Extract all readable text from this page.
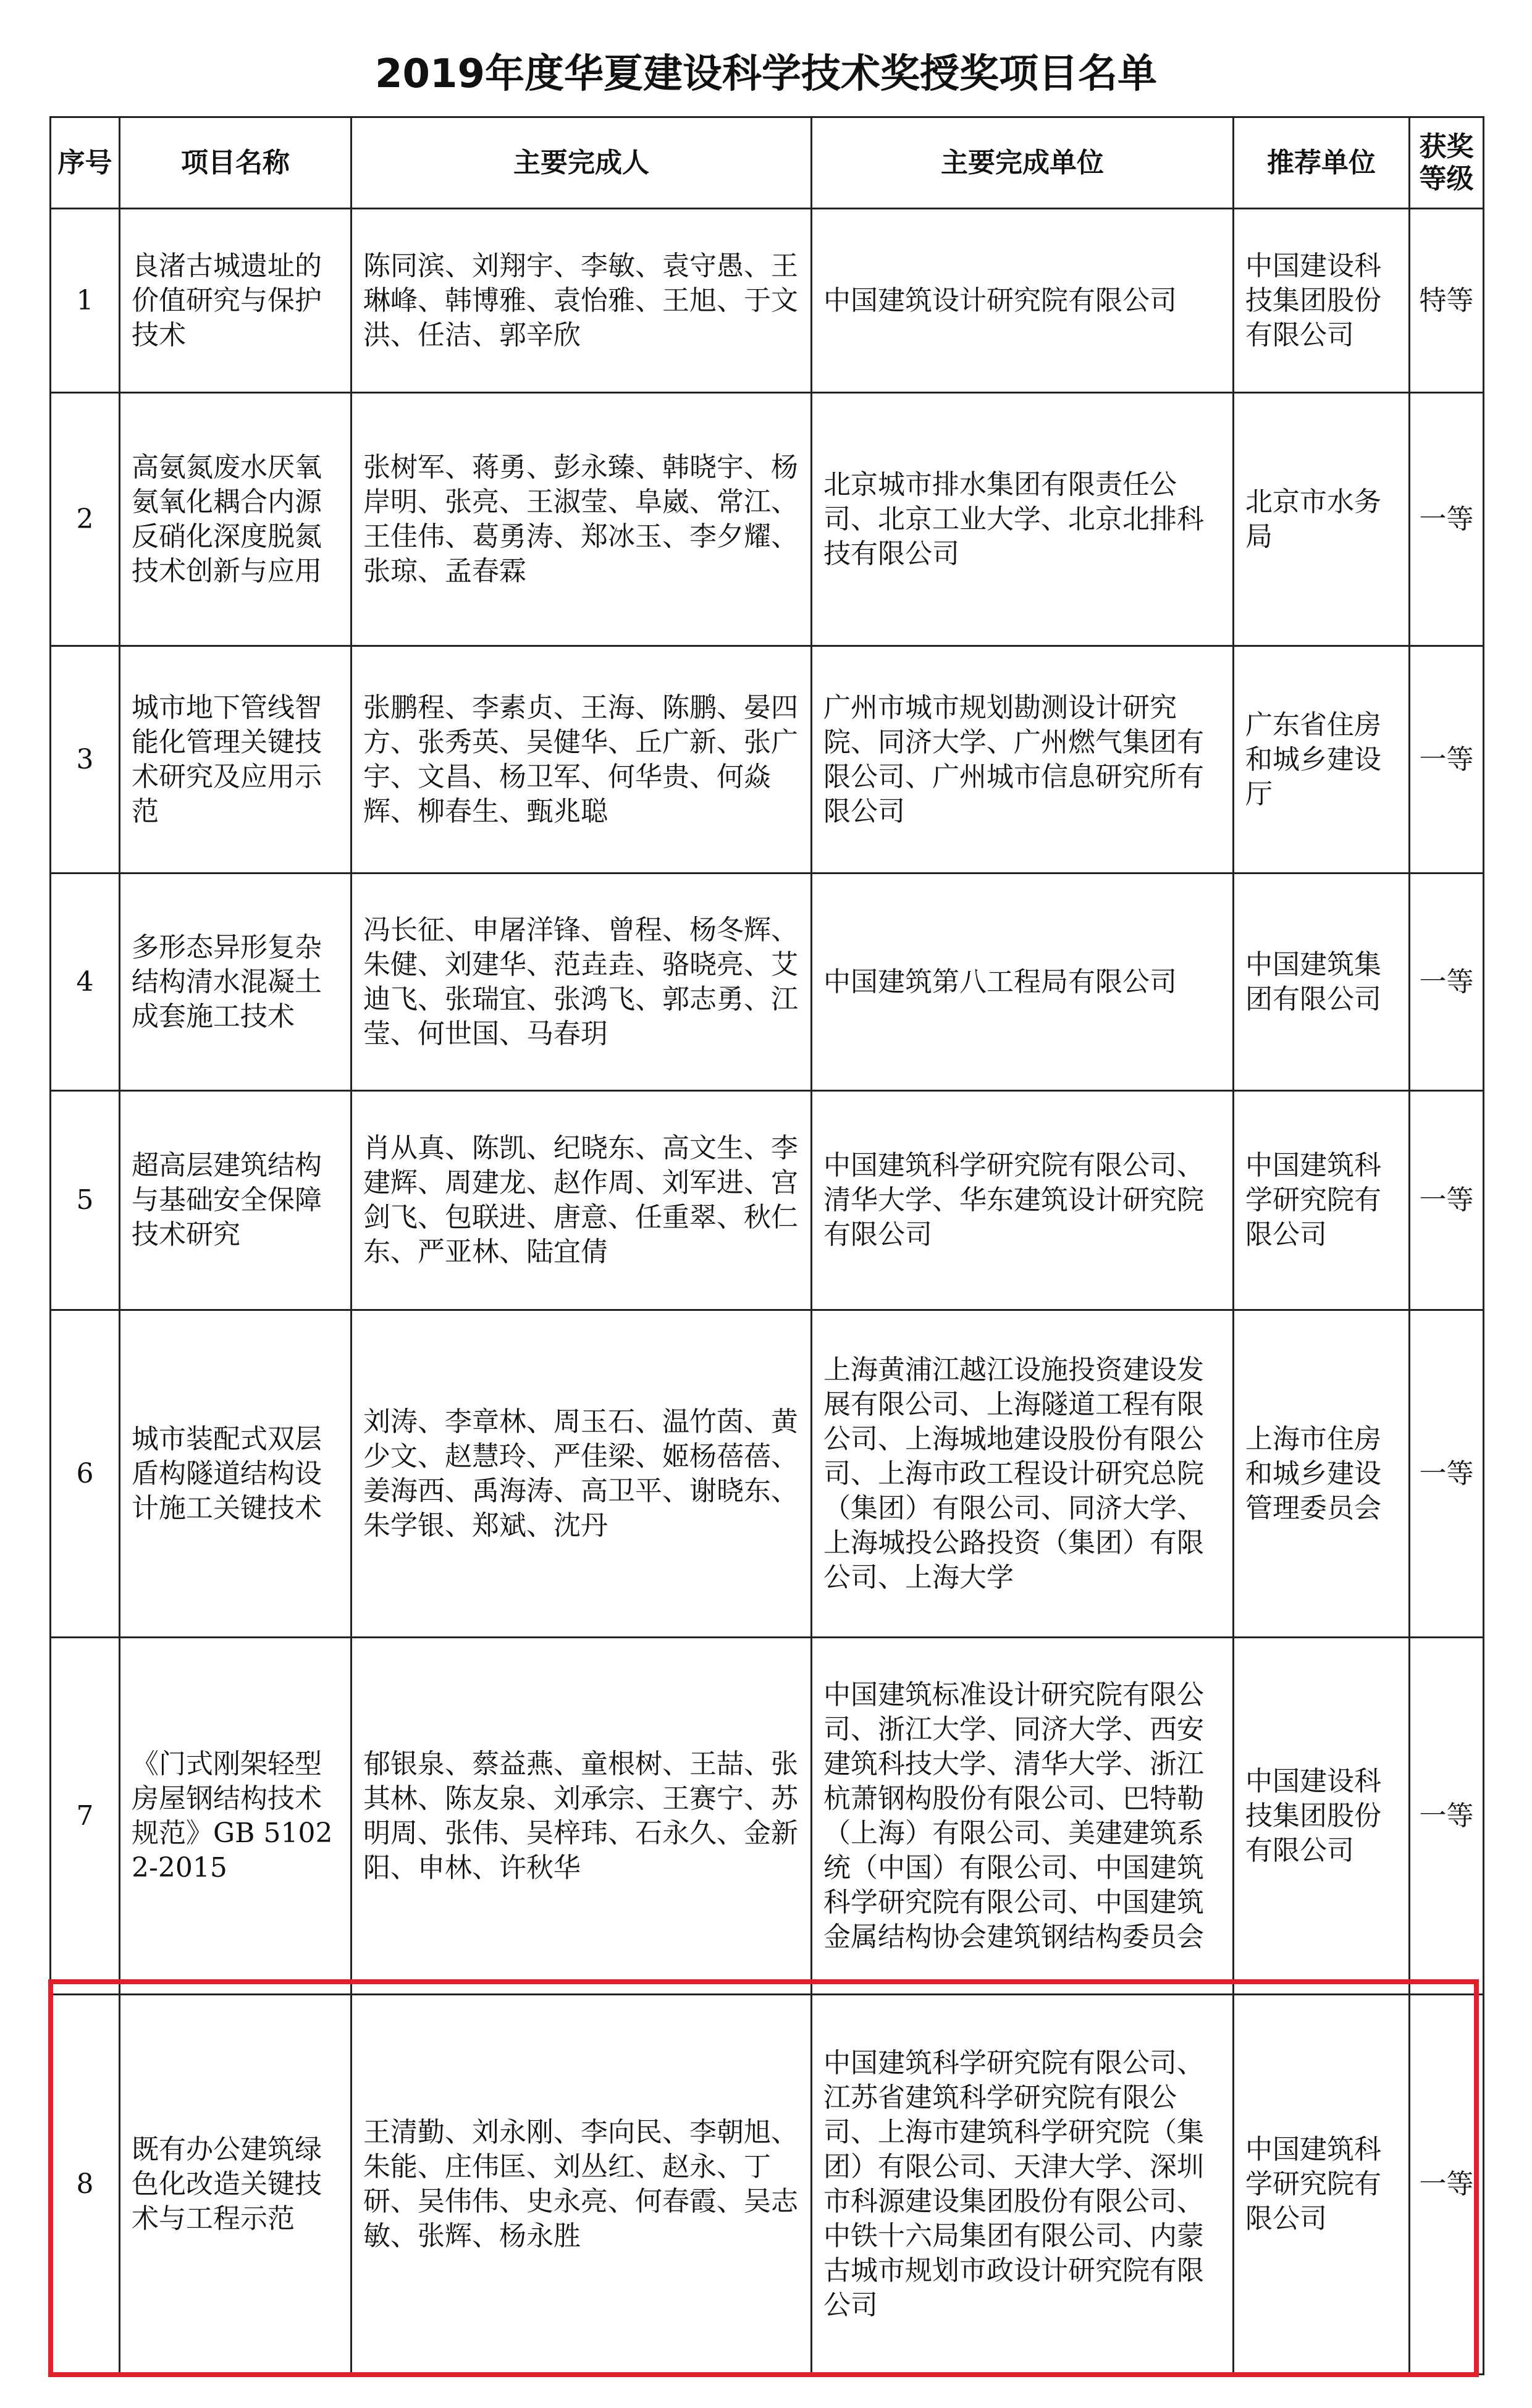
2019年度华夏建设科学技术奖授奖项目名单
序号	项目名称	主要完成人	主要完成单位	推荐单位	获奖等级
1	良渚古城遗址的价值研究与保护技术	陈同滨、刘翔宇、李敏、袁守愚、王琳峰、韩博雅、袁怡雅、王旭、于文洪、任洁、郭辛欣	中国建筑设计研究院有限公司	中国建设科技集团股份有限公司	特等
2	高氨氮废水厌氧氨氧化耦合内源反硝化深度脱氮技术创新与应用	张树军、蒋勇、彭永臻、韩晓宇、杨岸明、张亮、王淑莹、阜崴、常江、王佳伟、葛勇涛、郑冰玉、李夕耀、张琼、孟春霖	北京城市排水集团有限责任公司、北京工业大学、北京北排科技有限公司	北京市水务局	一等
3	城市地下管线智能化管理关键技术研究及应用示范	张鹏程、李素贞、王海、陈鹏、晏四方、张秀英、吴健华、丘广新、张广宇、文昌、杨卫军、何华贵、何焱辉、柳春生、甄兆聪	广州市城市规划勘测设计研究院、同济大学、广州燃气集团有限公司、广州城市信息研究所有限公司	广东省住房和城乡建设厅	一等
4	多形态异形复杂结构清水混凝土成套施工技术	冯长征、申屠洋锋、曾程、杨冬辉、朱健、刘建华、范垚垚、骆晓亮、艾迪飞、张瑞宜、张鸿飞、郭志勇、江莹、何世国、马春玥	中国建筑第八工程局有限公司	中国建筑集团有限公司	一等
5	超高层建筑结构与基础安全保障技术研究	肖从真、陈凯、纪晓东、高文生、李建辉、周建龙、赵作周、刘军进、宫剑飞、包联进、唐意、任重翠、秋仁东、严亚林、陆宜倩	中国建筑科学研究院有限公司、清华大学、华东建筑设计研究院有限公司	中国建筑科学研究院有限公司	一等
6	城市装配式双层盾构隧道结构设计施工关键技术	刘涛、李章林、周玉石、温竹茵、黄少文、赵慧玲、严佳梁、姬杨蓓蓓、姜海西、禹海涛、高卫平、谢晓东、朱学银、郑斌、沈丹	上海黄浦江越江设施投资建设发展有限公司、上海隧道工程有限公司、上海城地建设股份有限公司、上海市政工程设计研究总院（集团）有限公司、同济大学、上海城投公路投资（集团）有限公司、上海大学	上海市住房和城乡建设管理委员会	一等
7	《门式刚架轻型房屋钢结构技术规范》GB 51022-2015	郁银泉、蔡益燕、童根树、王喆、张其林、陈友泉、刘承宗、王赛宁、苏明周、张伟、吴梓玮、石永久、金新阳、申林、许秋华	中国建筑标准设计研究院有限公司、浙江大学、同济大学、西安建筑科技大学、清华大学、浙江杭萧钢构股份有限公司、巴特勒（上海）有限公司、美建建筑系统（中国）有限公司、中国建筑科学研究院有限公司、中国建筑金属结构协会建筑钢结构委员会	中国建设科技集团股份有限公司	一等
8	既有办公建筑绿色化改造关键技术与工程示范	王清勤、刘永刚、李向民、李朝旭、朱能、庄伟匡、刘丛红、赵永、丁研、吴伟伟、史永亮、何春霞、吴志敏、张辉、杨永胜	中国建筑科学研究院有限公司、江苏省建筑科学研究院有限公司、上海市建筑科学研究院（集团）有限公司、天津大学、深圳市科源建设集团股份有限公司、中铁十六局集团有限公司、内蒙古城市规划市政设计研究院有限公司	中国建筑科学研究院有限公司	一等
